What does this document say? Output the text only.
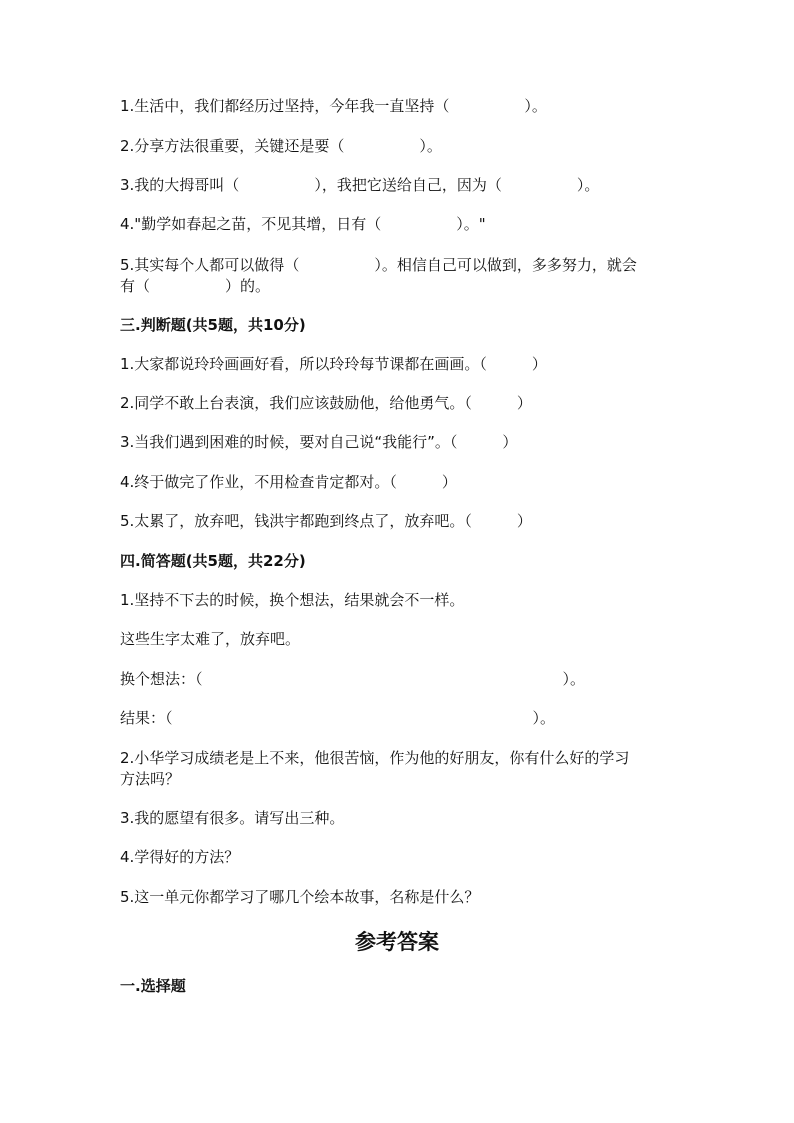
1.生活中，我们都经历过坚持，今年我一直坚持（　　　　　）。

2.分享方法很重要，关键还是要（　　　　　）。

3.我的大拇哥叫（　　　　　），我把它送给自己，因为（　　　　　）。

4."勤学如春起之苗，不见其增，日有（　　　　　）。"

5.其实每个人都可以做得（　　　　　）。相信自己可以做到，多多努力，就会

有（　　　　　）的。

三.判断题(共5题，共10分)

1.大家都说玲玲画画好看，所以玲玲每节课都在画画。（　　　）

2.同学不敢上台表演，我们应该鼓励他，给他勇气。（　　　）

3.当我们遇到困难的时候，要对自己说“我能行”。（　　　）

4.终于做完了作业，不用检查肯定都对。（　　　）

5.太累了，放弃吧，钱洪宇都跑到终点了，放弃吧。（　　　）

四.简答题(共5题，共22分)

1.坚持不下去的时候，换个想法，结果就会不一样。

这些生字太难了，放弃吧。

换个想法：（　　　　　　　　　　　　　　　　　　　　　　　　）。

结果：（　　　　　　　　　　　　　　　　　　　　　　　　）。

2.小华学习成绩老是上不来，他很苦恼，作为他的好朋友，你有什么好的学习

方法吗？

3.我的愿望有很多。请写出三种。

4.学得好的方法？

5.这一单元你都学习了哪几个绘本故事，名称是什么？

参考答案

一.选择题
